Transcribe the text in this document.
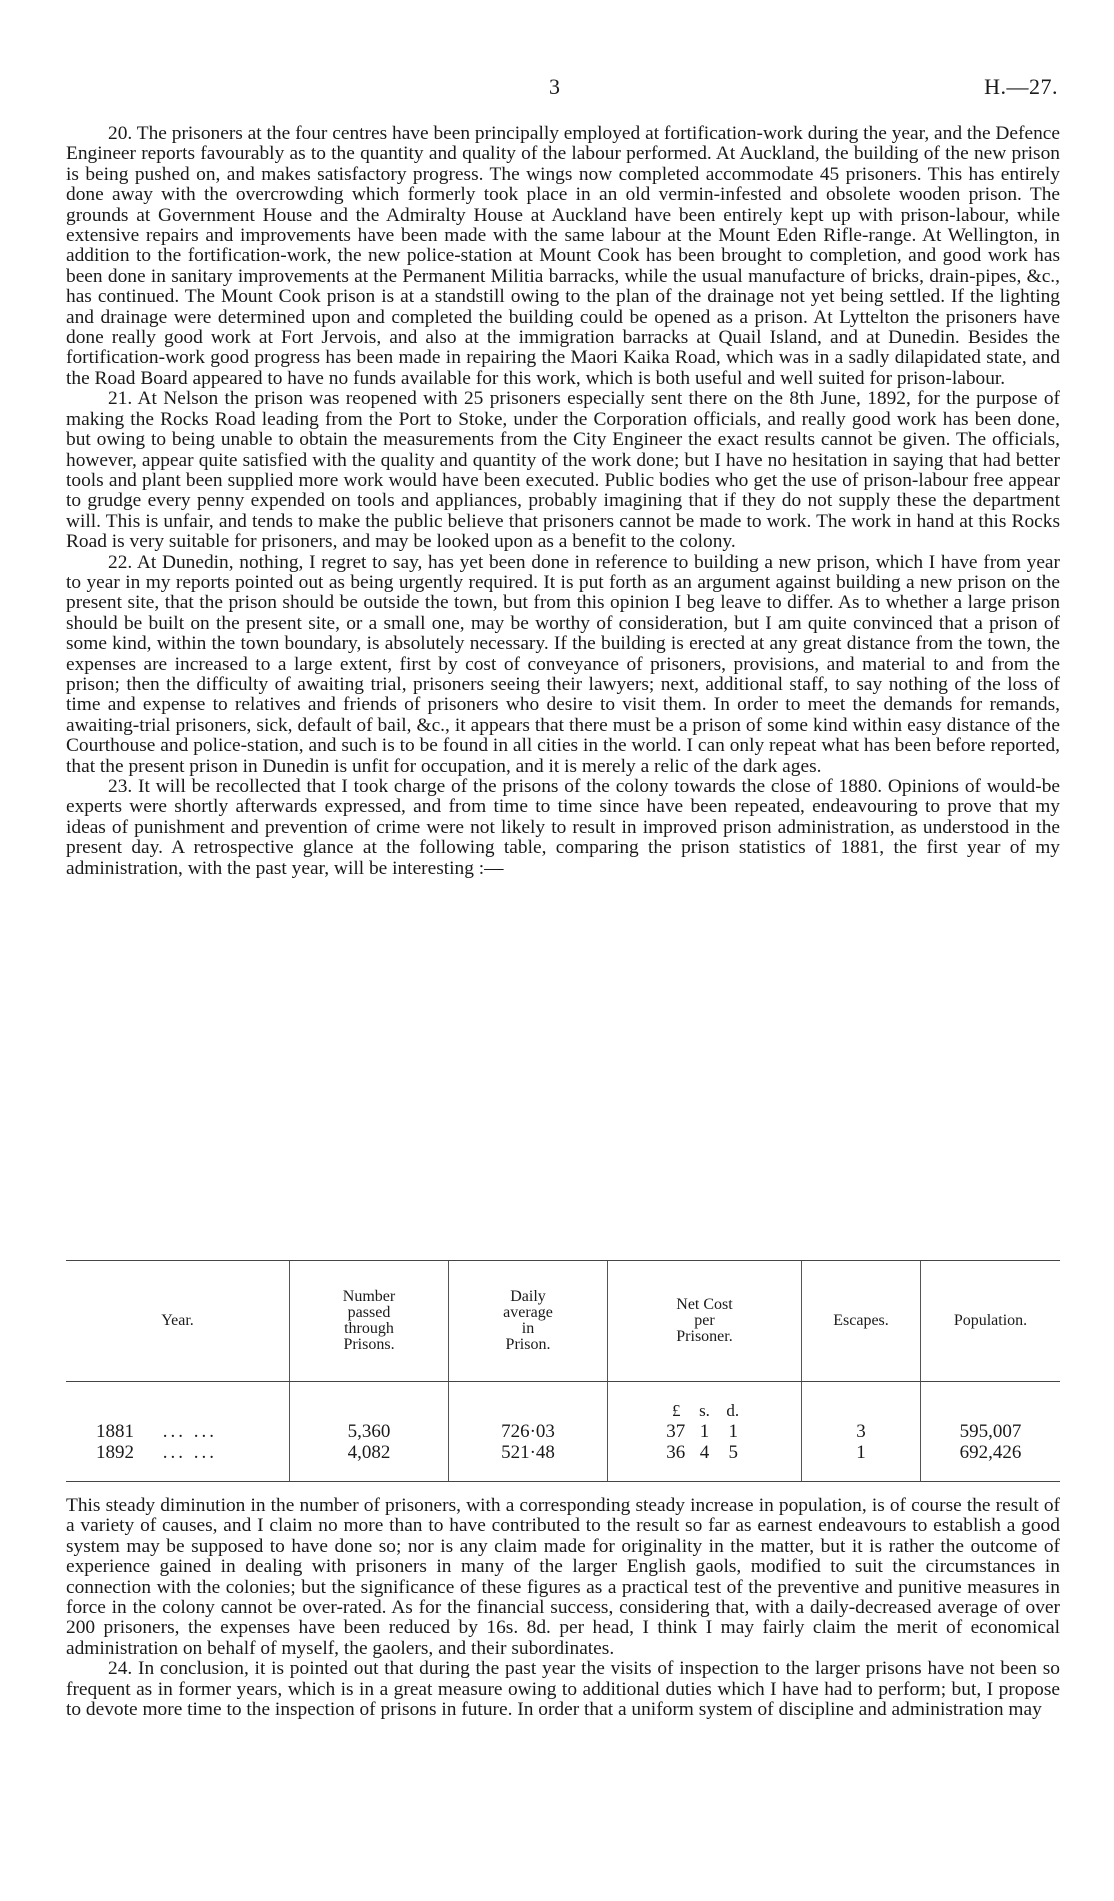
3	H.—27.

20. The prisoners at the four centres have been principally employed at fortification-work during the year, and the Defence Engineer reports favourably as to the quantity and quality of the labour performed. At Auckland, the building of the new prison is being pushed on, and makes satisfactory progress. The wings now completed accommodate 45 prisoners. This has entirely done away with the overcrowding which formerly took place in an old vermin-infested and obsolete wooden prison. The grounds at Government House and the Admiralty House at Auckland have been entirely kept up with prison-labour, while extensive repairs and improvements have been made with the same labour at the Mount Eden Rifle-range. At Wellington, in addition to the fortification-work, the new police-station at Mount Cook has been brought to completion, and good work has been done in sanitary improvements at the Permanent Militia barracks, while the usual manufacture of bricks, drain-pipes, &c., has continued. The Mount Cook prison is at a standstill owing to the plan of the drainage not yet being settled. If the lighting and drainage were determined upon and completed the building could be opened as a prison. At Lyttelton the prisoners have done really good work at Fort Jervois, and also at the immigration barracks at Quail Island, and at Dunedin. Besides the fortification-work good progress has been made in repairing the Maori Kaika Road, which was in a sadly dilapidated state, and the Road Board appeared to have no funds available for this work, which is both useful and well suited for prison-labour.

21. At Nelson the prison was reopened with 25 prisoners especially sent there on the 8th June, 1892, for the purpose of making the Rocks Road leading from the Port to Stoke, under the Corporation officials, and really good work has been done, but owing to being unable to obtain the measurements from the City Engineer the exact results cannot be given. The officials, however, appear quite satisfied with the quality and quantity of the work done; but I have no hesitation in saying that had better tools and plant been supplied more work would have been executed. Public bodies who get the use of prison-labour free appear to grudge every penny expended on tools and appliances, probably imagining that if they do not supply these the department will. This is unfair, and tends to make the public believe that prisoners cannot be made to work. The work in hand at this Rocks Road is very suitable for prisoners, and may be looked upon as a benefit to the colony.

22. At Dunedin, nothing, I regret to say, has yet been done in reference to building a new prison, which I have from year to year in my reports pointed out as being urgently required. It is put forth as an argument against building a new prison on the present site, that the prison should be outside the town, but from this opinion I beg leave to differ. As to whether a large prison should be built on the present site, or a small one, may be worthy of consideration, but I am quite convinced that a prison of some kind, within the town boundary, is absolutely necessary. If the building is erected at any great distance from the town, the expenses are increased to a large extent, first by cost of conveyance of prisoners, provisions, and material to and from the prison; then the difficulty of awaiting trial, prisoners seeing their lawyers; next, additional staff, to say nothing of the loss of time and expense to relatives and friends of prisoners who desire to visit them. In order to meet the demands for remands, awaiting-trial prisoners, sick, default of bail, &c., it appears that there must be a prison of some kind within easy distance of the Courthouse and police-station, and such is to be found in all cities in the world. I can only repeat what has been before reported, that the present prison in Dunedin is unfit for occupation, and it is merely a relic of the dark ages.

23. It will be recollected that I took charge of the prisons of the colony towards the close of 1880. Opinions of would-be experts were shortly afterwards expressed, and from time to time since have been repeated, endeavouring to prove that my ideas of punishment and prevention of crime were not likely to result in improved prison administration, as understood in the present day. A retrospective glance at the following table, comparing the prison statistics of 1881, the first year of my administration, with the past year, will be interesting :—

Year.	Number
passed
through
Prisons.	Daily
average
in
Prison.	Net Cost
per
Prisoner.	Escapes.	Population.
			£ s. d.		
1881 ... ...	5,360	726·03	37 1 1	3	595,007
1892 ... ...	4,082	521·48	36 4 5	1	692,426

This steady diminution in the number of prisoners, with a corresponding steady increase in population, is of course the result of a variety of causes, and I claim no more than to have contributed to the result so far as earnest endeavours to establish a good system may be supposed to have done so; nor is any claim made for originality in the matter, but it is rather the outcome of experience gained in dealing with prisoners in many of the larger English gaols, modified to suit the circumstances in connection with the colonies; but the significance of these figures as a practical test of the preventive and punitive measures in force in the colony cannot be over-rated. As for the financial success, considering that, with a daily-decreased average of over 200 prisoners, the expenses have been reduced by 16s. 8d. per head, I think I may fairly claim the merit of economical administration on behalf of myself, the gaolers, and their subordinates.

24. In conclusion, it is pointed out that during the past year the visits of inspection to the larger prisons have not been so frequent as in former years, which is in a great measure owing to additional duties which I have had to perform; but, I propose to devote more time to the inspection of prisons in future. In order that a uniform system of discipline and administration may
